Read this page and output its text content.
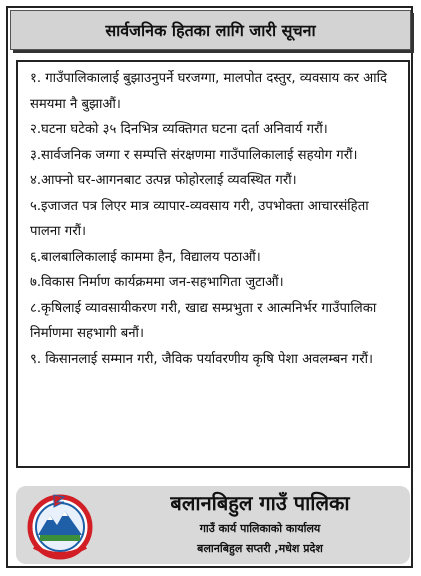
सार्वजनिक हितका लागि जारी सूचना

१. गाउँपालिकालाई बुझाउनुपर्ने घरजग्गा, मालपोत दस्तुर, व्यवसाय कर आदि समयमा नै बुझाऔं।

२.घटना घटेको ३५ दिनभित्र व्यक्तिगत घटना दर्ता अनिवार्य गरौं।

३.सार्वजनिक जग्गा र सम्पत्ति संरक्षणमा गाउँपालिकालाई सहयोग गरौं।

४.आफ्नो घर-आगनबाट उत्पन्न फोहोरलाई व्यवस्थित गरौं।

५.इजाजत पत्र लिएर मात्र व्यापार-व्यवसाय गरी, उपभोक्ता आचारसंहिता पालना गरौं।

६.बालबालिकालाई काममा हैन, विद्यालय पठाऔं।

७.विकास निर्माण कार्यक्रममा जन-सहभागिता जुटाऔं।

८.कृषिलाई व्यावसायीकरण गरी, खाद्य सम्प्रभुता र आत्मनिर्भर गाउँपालिका निर्माणमा सहभागी बनौं।

९. किसानलाई सम्मान गरी, जैविक पर्यावरणीय कृषि पेशा अवलम्बन गरौं।

बलानबिहुल गाउँ पालिका
गाउँ कार्य पालिकाको कार्यालय
बलानबिहुल सप्तरी ,मधेश प्रदेश
